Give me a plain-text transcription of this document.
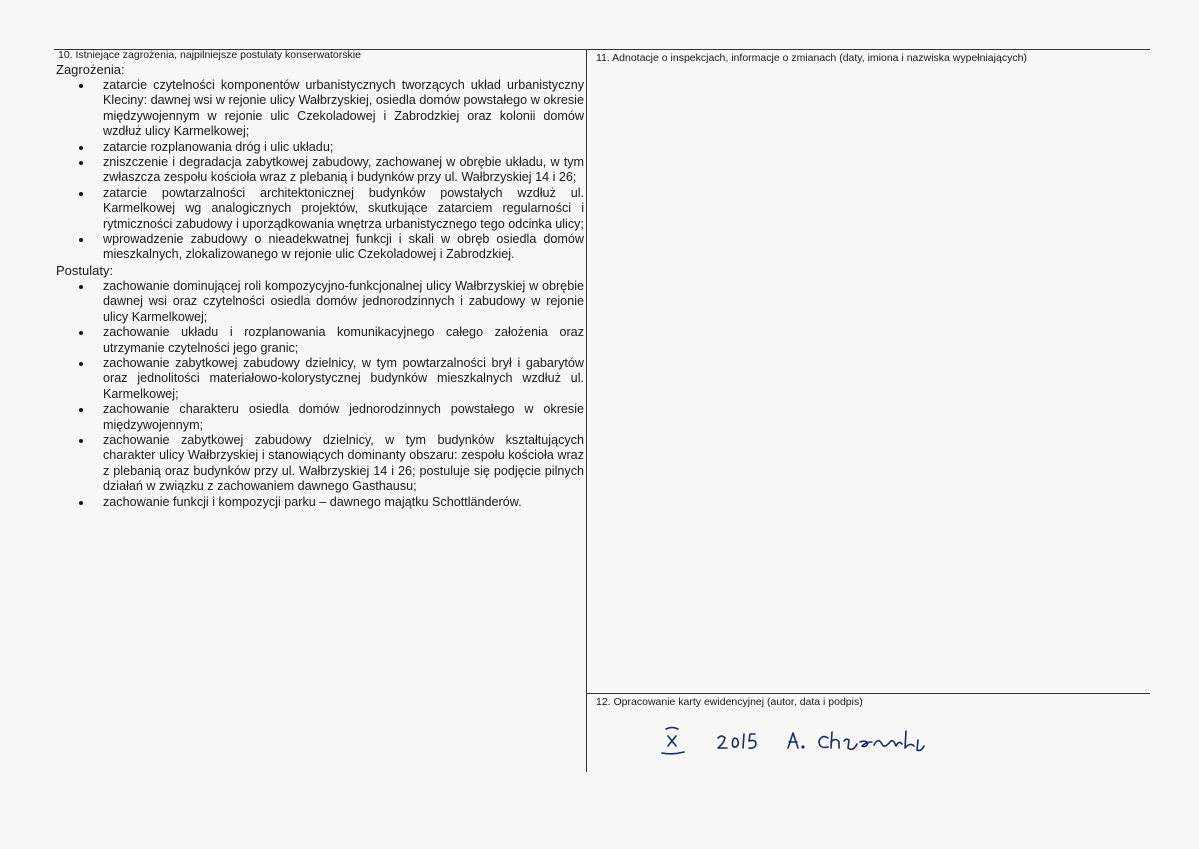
10. Istniejące zagrożenia, najpilniejsze postulaty konserwatorskie

Zagrożenia:

zatarcie czytelności komponentów urbanistycznych tworzących układ urbanistyczny Kleciny: dawnej wsi w rejonie ulicy Wałbrzyskiej, osiedla domów powstałego w okresie międzywojennym w rejonie ulic Czekoladowej i Zabrodzkiej oraz kolonii domów wzdłuż ulicy Karmelkowej;
zatarcie rozplanowania dróg i ulic układu;
zniszczenie i degradacja zabytkowej zabudowy, zachowanej w obrębie układu, w tym zwłaszcza zespołu kościoła wraz z plebanią i budynków przy ul. Wałbrzyskiej 14 i 26;
zatarcie powtarzalności architektonicznej budynków powstałych wzdłuż ul. Karmelkowej wg analogicznych projektów, skutkujące zatarciem regularności i rytmiczności zabudowy i uporządkowania wnętrza urbanistycznego tego odcinka ulicy;
wprowadzenie zabudowy o nieadekwatnej funkcji i skali w obręb osiedla domów mieszkalnych, zlokalizowanego w rejonie ulic Czekoladowej i Zabrodzkiej.

Postulaty:

zachowanie dominującej roli kompozycyjno-funkcjonalnej ulicy Wałbrzyskiej w obrębie dawnej wsi oraz czytelności osiedla domów jednorodzinnych i zabudowy w rejonie ulicy Karmelkowej;
zachowanie układu i rozplanowania komunikacyjnego całego założenia oraz utrzymanie czytelności jego granic;
zachowanie zabytkowej zabudowy dzielnicy, w tym powtarzalności brył i gabarytów oraz jednolitości materiałowo-kolorystycznej budynków mieszkalnych wzdłuż ul. Karmelkowej;
zachowanie charakteru osiedla domów jednorodzinnych powstałego w okresie międzywojennym;
zachowanie zabytkowej zabudowy dzielnicy, w tym budynków kształtujących charakter ulicy Wałbrzyskiej i stanowiących dominanty obszaru: zespołu kościoła wraz z plebanią oraz budynków przy ul. Wałbrzyskiej 14 i 26; postuluje się podjęcie pilnych działań w związku z zachowaniem dawnego Gasthausu;
zachowanie funkcji i kompozycji parku – dawnego majątku Schottländerów.
11. Adnotacje o inspekcjach, informacje o zmianach (daty, imiona i nazwiska wypełniających)
12. Opracowanie karty ewidencyjnej (autor, data i podpis)
